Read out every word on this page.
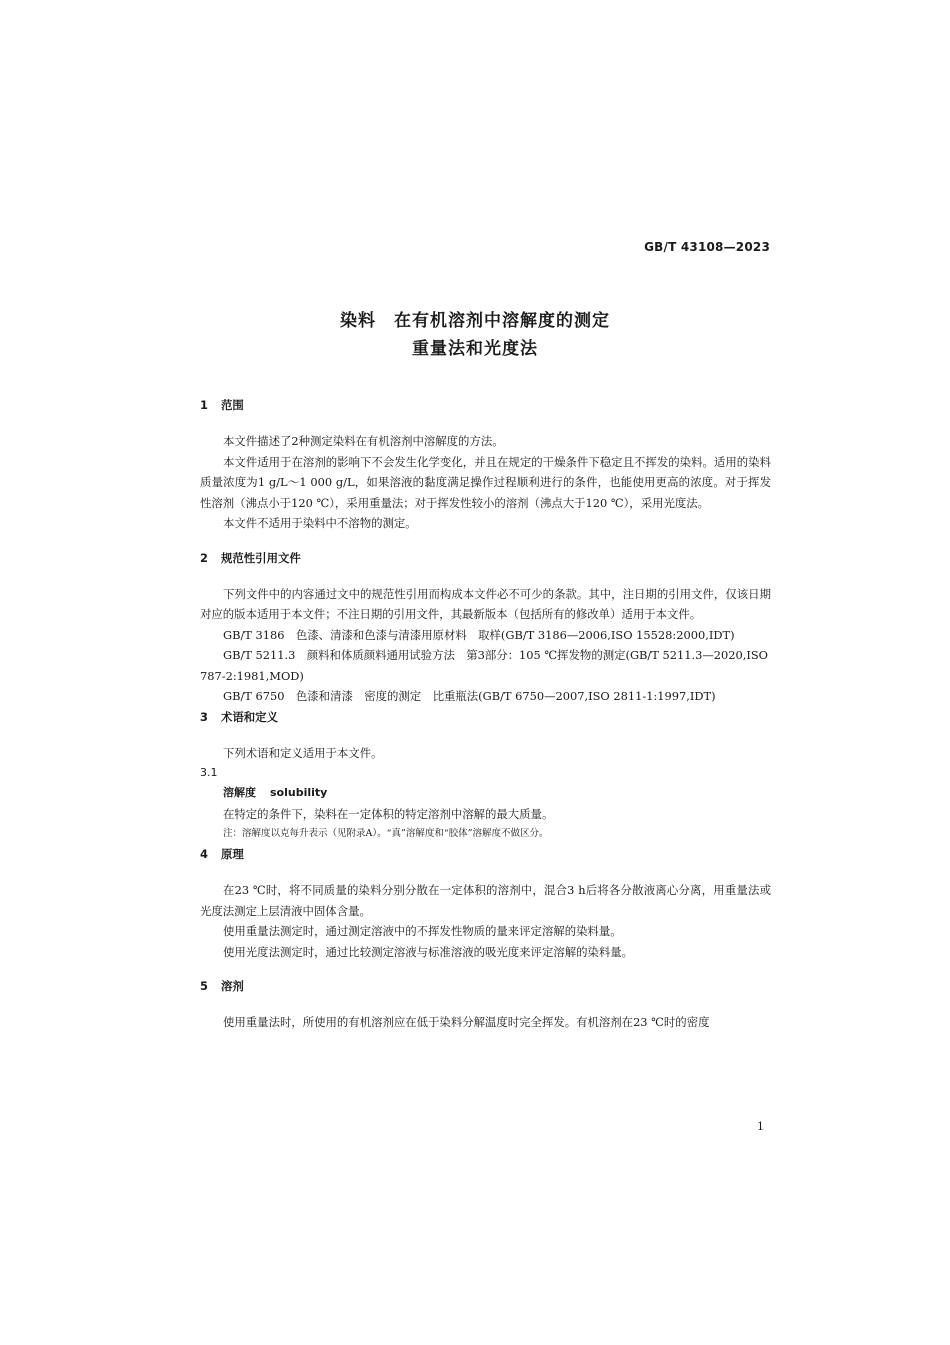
GB/T 43108—2023
染料　在有机溶剂中溶解度的测定
重量法和光度法
1 范围

本文件描述了2种测定染料在有机溶剂中溶解度的方法。

本文件适用于在溶剂的影响下不会发生化学变化，并且在规定的干燥条件下稳定且不挥发的染料。适用的染料质量浓度为1 g/L～1 000 g/L，如果溶液的黏度满足操作过程顺利进行的条件，也能使用更高的浓度。对于挥发性溶剂（沸点小于120 ℃），采用重量法；对于挥发性较小的溶剂（沸点大于120 ℃），采用光度法。

本文件不适用于染料中不溶物的测定。

2 规范性引用文件

下列文件中的内容通过文中的规范性引用而构成本文件必不可少的条款。其中，注日期的引用文件，仅该日期对应的版本适用于本文件；不注日期的引用文件，其最新版本（包括所有的修改单）适用于本文件。

GB/T 3186　色漆、清漆和色漆与清漆用原材料　取样(GB/T 3186—2006,ISO 15528:2000,IDT)

GB/T 5211.3　颜料和体质颜料通用试验方法　第3部分：105 ℃挥发物的测定(GB/T 5211.3—2020,ISO 787-2:1981,MOD)

GB/T 6750　色漆和清漆　密度的测定　比重瓶法(GB/T 6750—2007,ISO 2811-1:1997,IDT)

3 术语和定义

下列术语和定义适用于本文件。

3.1

溶解度 solubility

在特定的条件下，染料在一定体积的特定溶剂中溶解的最大质量。

注：溶解度以克每升表示（见附录A）。“真”溶解度和“胶体”溶解度不做区分。

4 原理

在23 ℃时，将不同质量的染料分别分散在一定体积的溶剂中，混合3 h后将各分散液离心分离，用重量法或光度法测定上层清液中固体含量。

使用重量法测定时，通过测定溶液中的不挥发性物质的量来评定溶解的染料量。

使用光度法测定时，通过比较测定溶液与标准溶液的吸光度来评定溶解的染料量。

5 溶剂

使用重量法时，所使用的有机溶剂应在低于染料分解温度时完全挥发。有机溶剂在23 ℃时的密度

1
